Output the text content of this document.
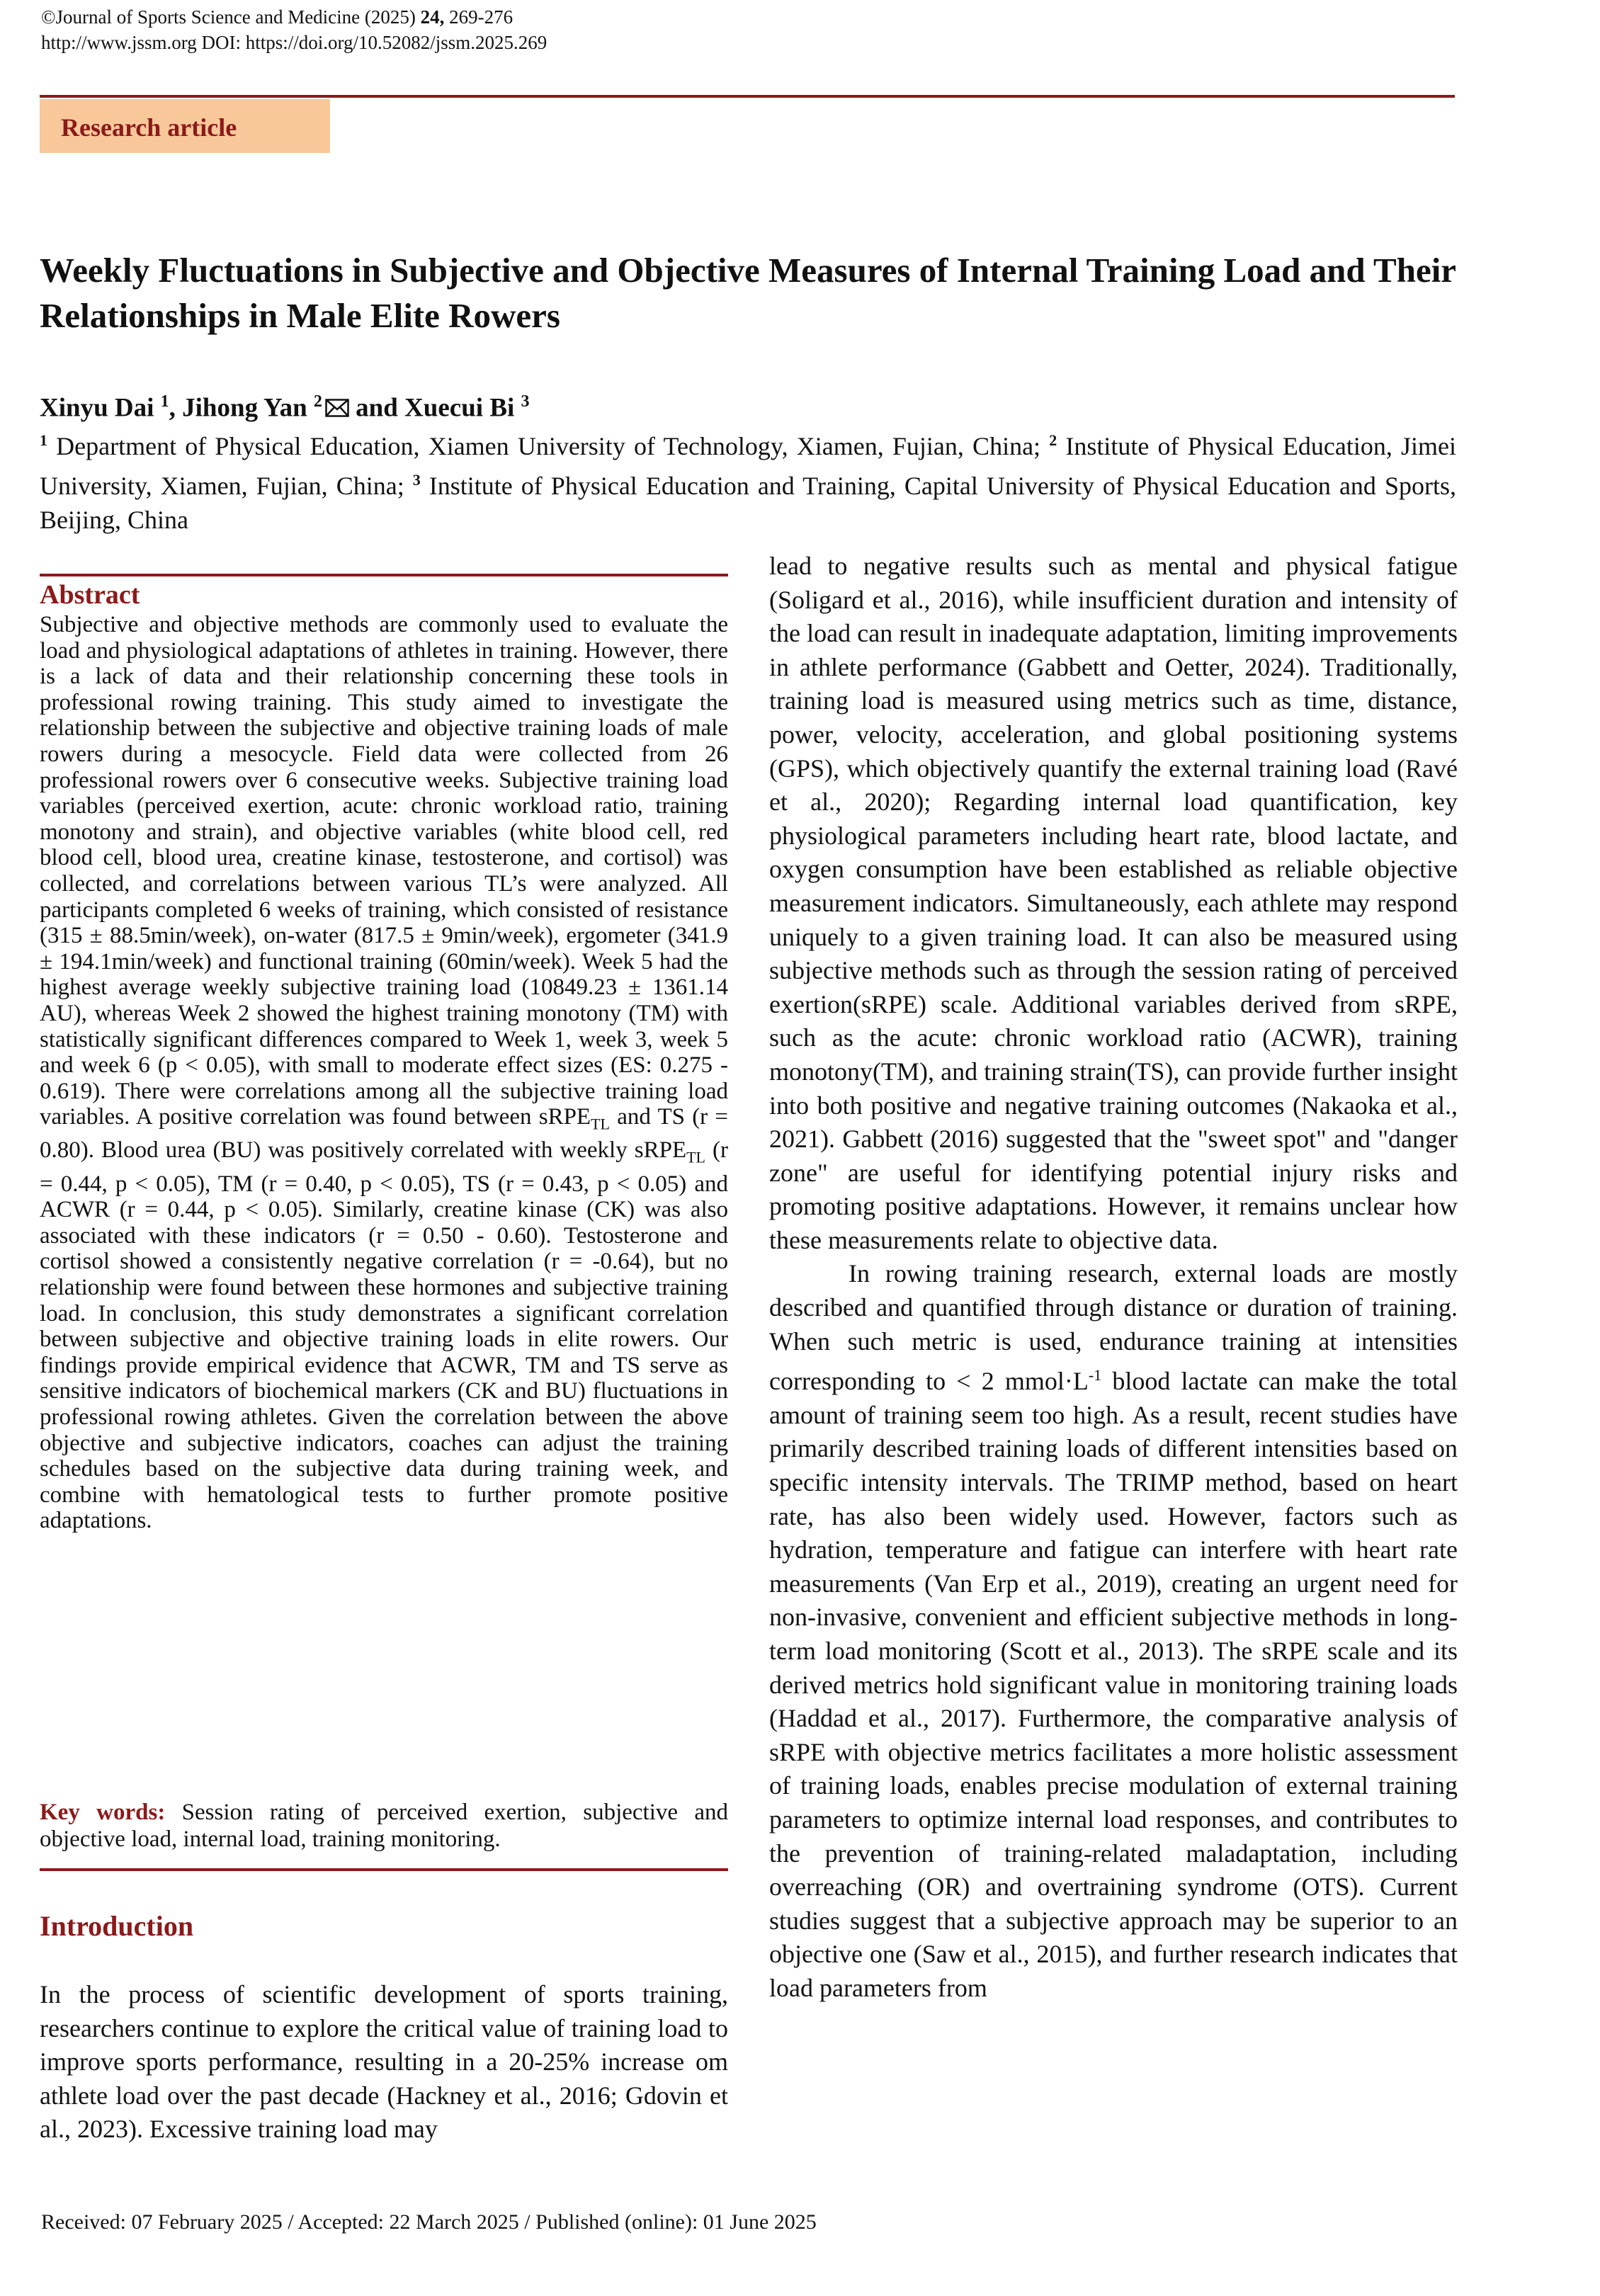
©Journal of Sports Science and Medicine (2025) 24, 269-276
http://www.jssm.org DOI: https://doi.org/10.52082/jssm.2025.269
Research article
Weekly Fluctuations in Subjective and Objective Measures of Internal Training Load and Their Relationships in Male Elite Rowers
Xinyu Dai $^1$, Jihong Yan $^2$ and Xuecui Bi $^3$
$^1$ Department of Physical Education, Xiamen University of Technology, Xiamen, Fujian, China; $^2$ Institute of Physical Education, Jimei University, Xiamen, Fujian, China; $^3$ Institute of Physical Education and Training, Capital University of Physical Education and Sports, Beijing, China
Abstract
Subjective and objective methods are commonly used to evaluate the load and physiological adaptations of athletes in training. However, there is a lack of data and their relationship concerning these tools in professional rowing training. This study aimed to investigate the relationship between the subjective and objective training loads of male rowers during a mesocycle. Field data were collected from 26 professional rowers over 6 consecutive weeks. Subjective training load variables (perceived exertion, acute: chronic workload ratio, training monotony and strain), and objective variables (white blood cell, red blood cell, blood urea, creatine kinase, testosterone, and cortisol) was collected, and correlations between various TL’s were analyzed. All participants completed 6 weeks of training, which consisted of resistance (315 ± 88.5min/week), on-water (817.5 ± 9min/week), ergometer (341.9 ± 194.1min/week) and functional training (60min/week). Week 5 had the highest average weekly subjective training load (10849.23 ± 1361.14 AU), whereas Week 2 showed the highest training monotony (TM) with statistically significant differences compared to Week 1, week 3, week 5 and week 6 (p < 0.05), with small to moderate effect sizes (ES: 0.275 - 0.619). There were correlations among all the subjective training load variables. A positive correlation was found between sRPE$_{TL}$ and TS (r = 0.80). Blood urea (BU) was positively correlated with weekly sRPE$_{TL}$ (r = 0.44, p < 0.05), TM (r = 0.40, p < 0.05), TS (r = 0.43, p < 0.05) and ACWR (r = 0.44, p < 0.05). Similarly, creatine kinase (CK) was also associated with these indicators (r = 0.50 - 0.60). Testosterone and cortisol showed a consistently negative correlation (r = -0.64), but no relationship were found between these hormones and subjective training load. In conclusion, this study demonstrates a significant correlation between subjective and objective training loads in elite rowers. Our findings provide empirical evidence that ACWR, TM and TS serve as sensitive indicators of biochemical markers (CK and BU) fluctuations in professional rowing athletes. Given the correlation between the above objective and subjective indicators, coaches can adjust the training schedules based on the subjective data during training week, and combine with hematological tests to further promote positive adaptations.
Key words: Session rating of perceived exertion, subjective and objective load, internal load, training monitoring.
Introduction
In the process of scientific development of sports training, researchers continue to explore the critical value of training load to improve sports performance, resulting in a 20-25% increase om athlete load over the past decade (Hackney et al., 2016; Gdovin et al., 2023). Excessive training load may

lead to negative results such as mental and physical fatigue (Soligard et al., 2016), while insufficient duration and intensity of the load can result in inadequate adaptation, limiting improvements in athlete performance (Gabbett and Oetter, 2024). Traditionally, training load is measured using metrics such as time, distance, power, velocity, acceleration, and global positioning systems (GPS), which objectively quantify the external training load (Ravé et al., 2020); Regarding internal load quantification, key physiological parameters including heart rate, blood lactate, and oxygen consumption have been established as reliable objective measurement indicators. Simultaneously, each athlete may respond uniquely to a given training load. It can also be measured using subjective methods such as through the session rating of perceived exertion(sRPE) scale. Additional variables derived from sRPE, such as the acute: chronic workload ratio (ACWR), training monotony(TM), and training strain(TS), can provide further insight into both positive and negative training outcomes (Nakaoka et al., 2021). Gabbett (2016) suggested that the "sweet spot" and "danger zone" are useful for identifying potential injury risks and promoting positive adaptations. However, it remains unclear how these measurements relate to objective data.

In rowing training research, external loads are mostly described and quantified through distance or duration of training. When such metric is used, endurance training at intensities corresponding to < 2 $mmol\cdot L^{-1}$ blood lactate can make the total amount of training seem too high. As a result, recent studies have primarily described training loads of different intensities based on specific intensity intervals. The TRIMP method, based on heart rate, has also been widely used. However, factors such as hydration, temperature and fatigue can interfere with heart rate measurements (Van Erp et al., 2019), creating an urgent need for non-invasive, convenient and efficient subjective methods in long-term load monitoring (Scott et al., 2013). The sRPE scale and its derived metrics hold significant value in monitoring training loads (Haddad et al., 2017). Furthermore, the comparative analysis of sRPE with objective metrics facilitates a more holistic assessment of training loads, enables precise modulation of external training parameters to optimize internal load responses, and contributes to the prevention of training-related maladaptation, including overreaching (OR) and overtraining syndrome (OTS). Current studies suggest that a subjective approach may be superior to an objective one (Saw et al., 2015), and further research indicates that load parameters from

Received: 07 February 2025 / Accepted: 22 March 2025 / Published (online): 01 June 2025
